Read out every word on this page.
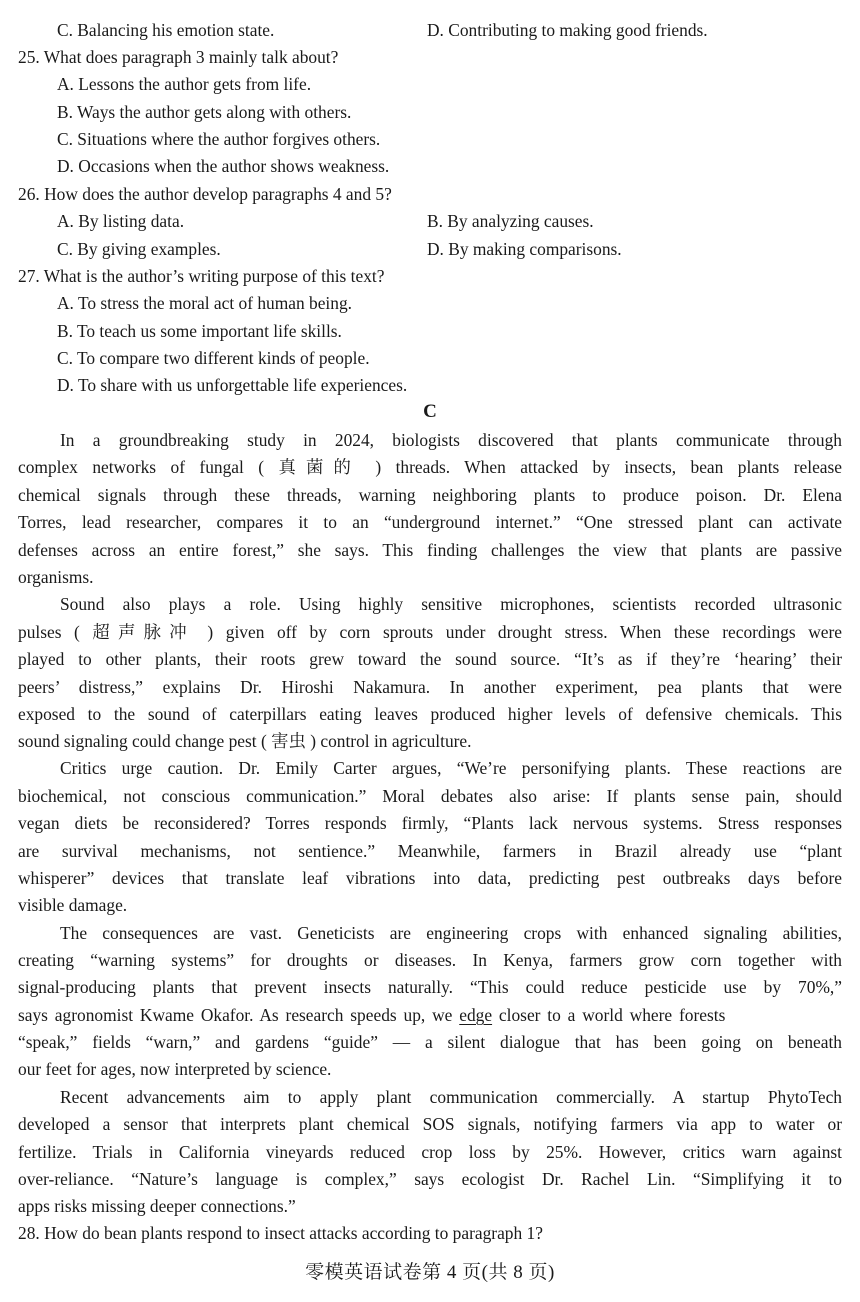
C. Balancing his emotion state.	D. Contributing to making good friends.
25. What does paragraph 3 mainly talk about?
A. Lessons the author gets from life.
B. Ways the author gets along with others.
C. Situations where the author forgives others.
D. Occasions when the author shows weakness.
26. How does the author develop paragraphs 4 and 5?
A. By listing data.	B. By analyzing causes.
C. By giving examples.	D. By making comparisons.
27. What is the author’s writing purpose of this text?
A. To stress the moral act of human being.
B. To teach us some important life skills.
C. To compare two different kinds of people.
D. To share with us unforgettable life experiences.
C
In a groundbreaking study in 2024, biologists discovered that plants communicate through
complex networks of fungal ( 真菌的 ) threads. When attacked by insects, bean plants release
chemical signals through these threads, warning neighboring plants to produce poison. Dr. Elena
Torres, lead researcher, compares it to an “underground internet.” “One stressed plant can activate
defenses across an entire forest,” she says. This finding challenges the view that plants are passive
organisms.
Sound also plays a role. Using highly sensitive microphones, scientists recorded ultrasonic
pulses ( 超声脉冲 ) given off by corn sprouts under drought stress. When these recordings were
played to other plants, their roots grew toward the sound source. “It’s as if they’re ‘hearing’ their
peers’ distress,” explains Dr. Hiroshi Nakamura. In another experiment, pea plants that were
exposed to the sound of caterpillars eating leaves produced higher levels of defensive chemicals. This
sound signaling could change pest ( 害虫 ) control in agriculture.
Critics urge caution. Dr. Emily Carter argues, “We’re personifying plants. These reactions are
biochemical, not conscious communication.” Moral debates also arise: If plants sense pain, should
vegan diets be reconsidered? Torres responds firmly, “Plants lack nervous systems. Stress responses
are survival mechanisms, not sentience.” Meanwhile, farmers in Brazil already use “plant
whisperer” devices that translate leaf vibrations into data, predicting pest outbreaks days before
visible damage.
The consequences are vast. Geneticists are engineering crops with enhanced signaling abilities,
creating “warning systems” for droughts or diseases. In Kenya, farmers grow corn together with
signal-producing plants that prevent insects naturally. “This could reduce pesticide use by 70%,”
says agronomist Kwame Okafor. As research speeds up, we edge closer to a world where forests
“speak,” fields “warn,” and gardens “guide” — a silent dialogue that has been going on beneath
our feet for ages, now interpreted by science.
Recent advancements aim to apply plant communication commercially. A startup PhytoTech
developed a sensor that interprets plant chemical SOS signals, notifying farmers via app to water or
fertilize. Trials in California vineyards reduced crop loss by 25%. However, critics warn against
over-reliance. “Nature’s language is complex,” says ecologist Dr. Rachel Lin. “Simplifying it to
apps risks missing deeper connections.”
28. How do bean plants respond to insect attacks according to paragraph 1?
零模英语试卷第 4 页(共 8 页)
